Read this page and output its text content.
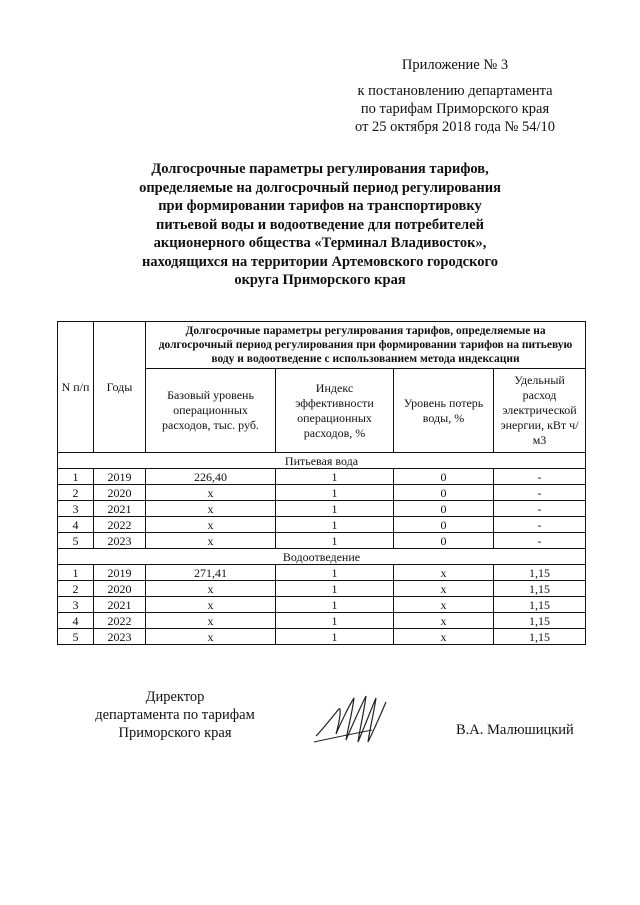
Приложение № 3
к постановлению департамента
по тарифам Приморского края
от 25 октября 2018 года № 54/10
Долгосрочные параметры регулирования тарифов,
определяемые на долгосрочный период регулирования
при формировании тарифов на транспортировку
питьевой воды и водоотведение для потребителей
акционерного общества «Терминал Владивосток»,
находящихся на территории Артемовского городского
округа Приморского края
N п/п	Годы	Долгосрочные параметры регулирования тарифов, определяемые на долгосрочный период регулирования при формировании тарифов на питьевую воду и водоотведение с использованием метода индексации			
		Базовый уровень операционных расходов, тыс. руб.	Индекс эффективности операционных расходов, %	Уровень потерь воды, %	Удельный расход электрической энергии, кВт ч/м3
Питьевая вода					
1	2019	226,40	1	0	-
2	2020	х	1	0	-
3	2021	х	1	0	-
4	2022	х	1	0	-
5	2023	х	1	0	-
Водоотведение					
1	2019	271,41	1	х	1,15
2	2020	х	1	х	1,15
3	2021	х	1	х	1,15
4	2022	х	1	х	1,15
5	2023	х	1	х	1,15
Директор
департамента по тарифам
Приморского края	В.А. Малюшицкий
